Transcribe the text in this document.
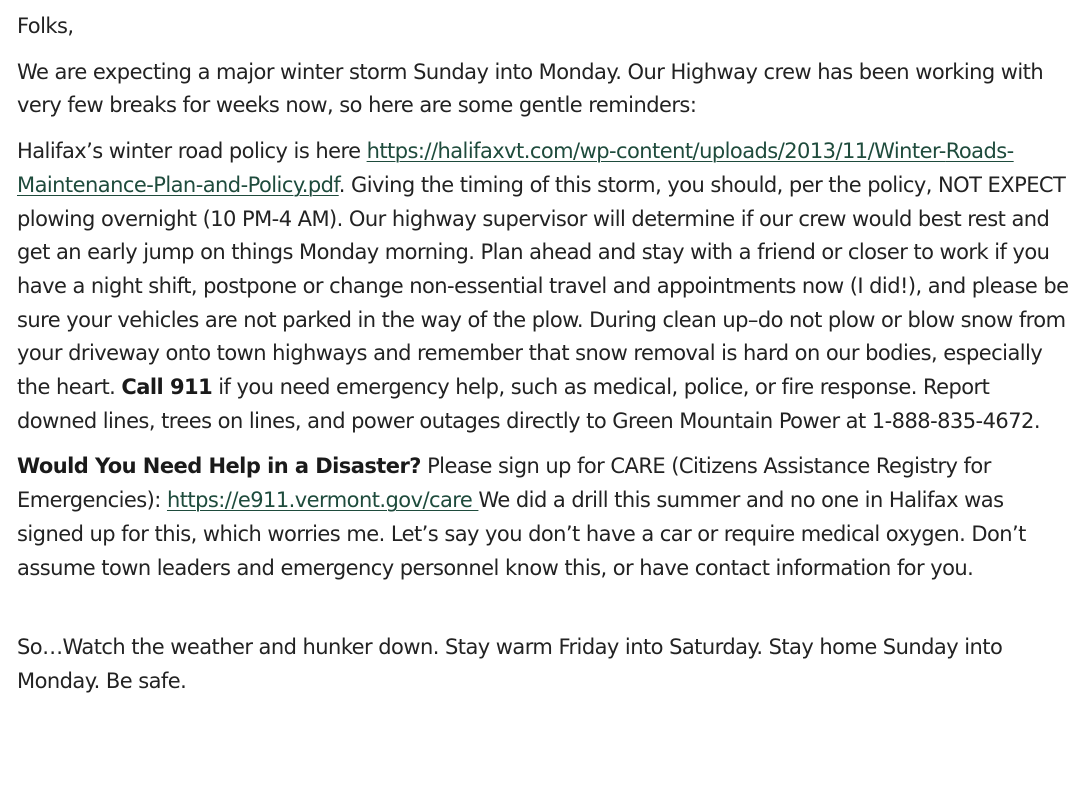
Folks,

We are expecting a major winter storm Sunday into Monday. Our Highway crew has been working with very few breaks for weeks now, so here are some gentle reminders:

Halifax’s winter road policy is here https://halifaxvt.com/wp-content/uploads/2013/11/Winter-Roads-Maintenance-Plan-and-Policy.pdf. Giving the timing of this storm, you should, per the policy, NOT EXPECT plowing overnight (10 PM-4 AM). Our highway supervisor will determine if our crew would best rest and get an early jump on things Monday morning. Plan ahead and stay with a friend or closer to work if you have a night shift, postpone or change non-essential travel and appointments now (I did!), and please be sure your vehicles are not parked in the way of the plow. During clean up–do not plow or blow snow from your driveway onto town highways and remember that snow removal is hard on our bodies, especially the heart. Call 911 if you need emergency help, such as medical, police, or fire response. Report downed lines, trees on lines, and power outages directly to Green Mountain Power at 1-888-835-4672.

Would You Need Help in a Disaster? Please sign up for CARE (Citizens Assistance Registry for Emergencies): https://e911.vermont.gov/care We did a drill this summer and no one in Halifax was signed up for this, which worries me. Let’s say you don’t have a car or require medical oxygen. Don’t assume town leaders and emergency personnel know this, or have contact information for you.

So…Watch the weather and hunker down. Stay warm Friday into Saturday. Stay home Sunday into Monday. Be safe.
